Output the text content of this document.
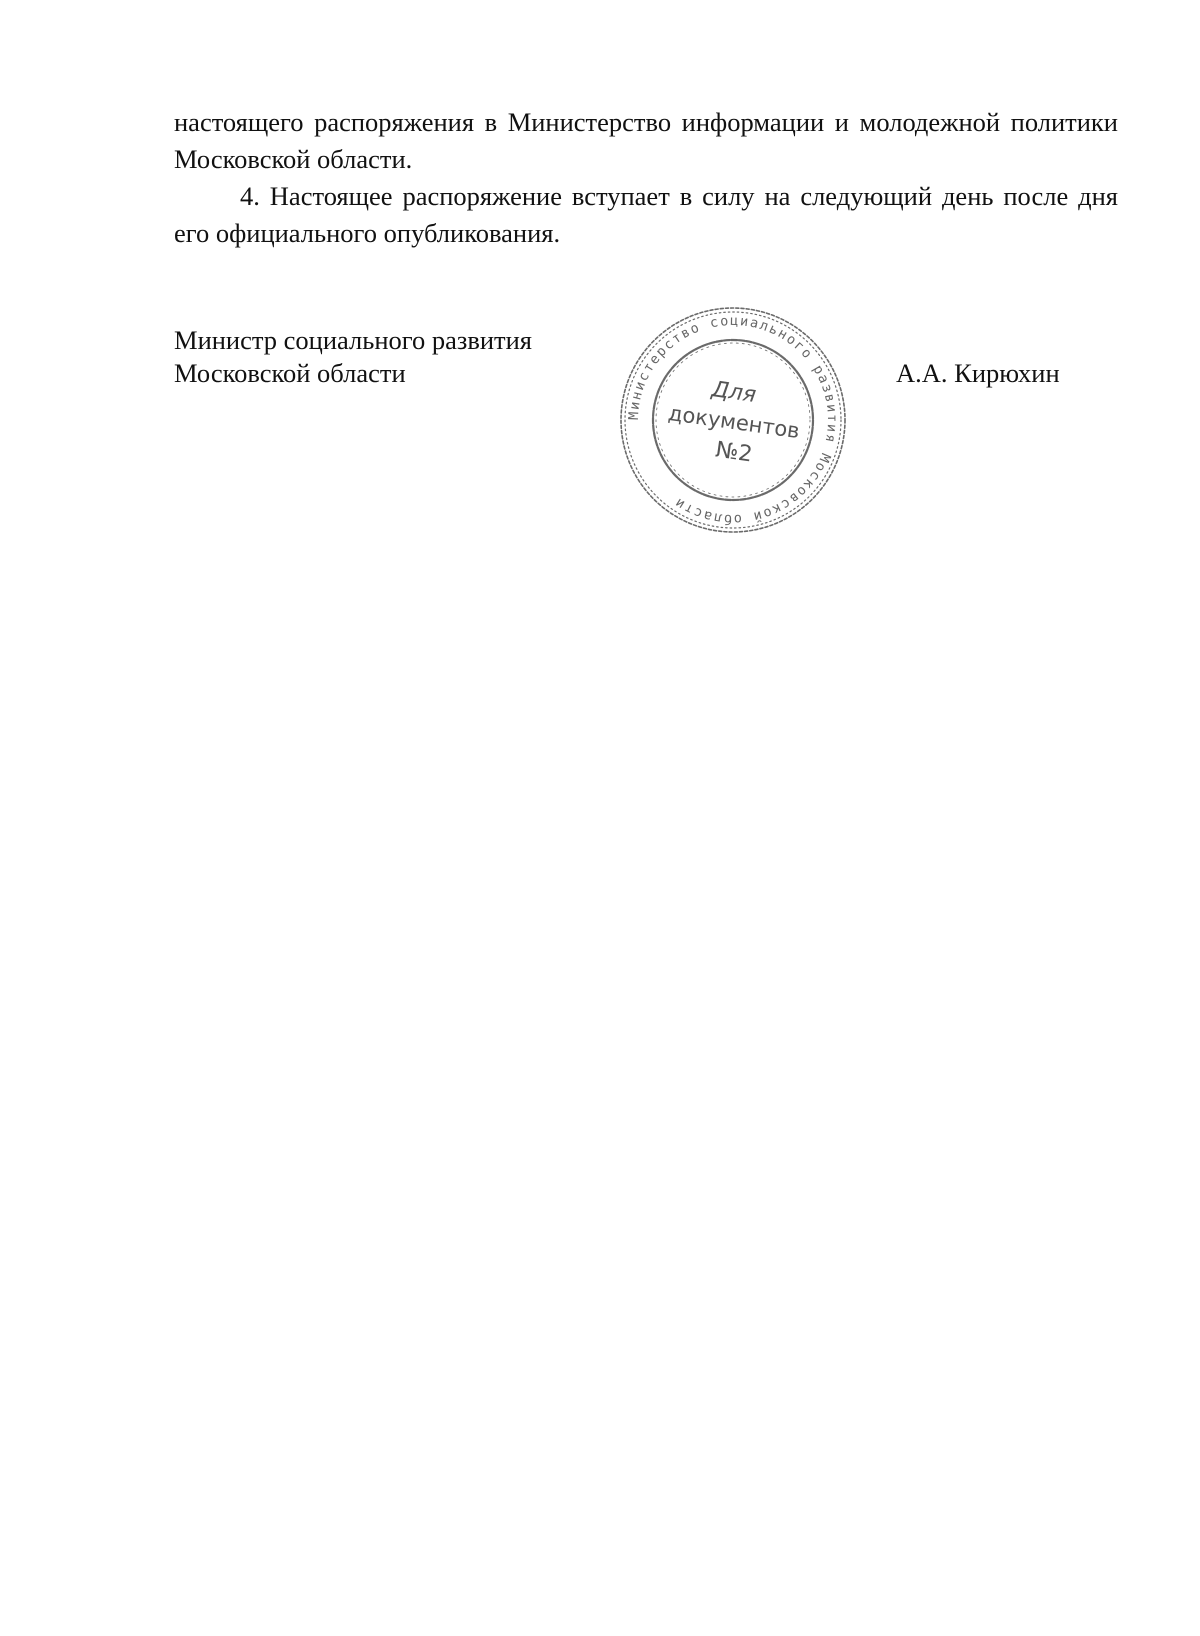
настоящего распоряжения в Министерство информации и молодежной политики Московской области.

4. Настоящее распоряжение вступает в силу на следующий день после дня его официального опубликования.

Министр социального развития
Московской области
Министерство социального развития Московской области
Для
документов
№2
А.А. Кирюхин
